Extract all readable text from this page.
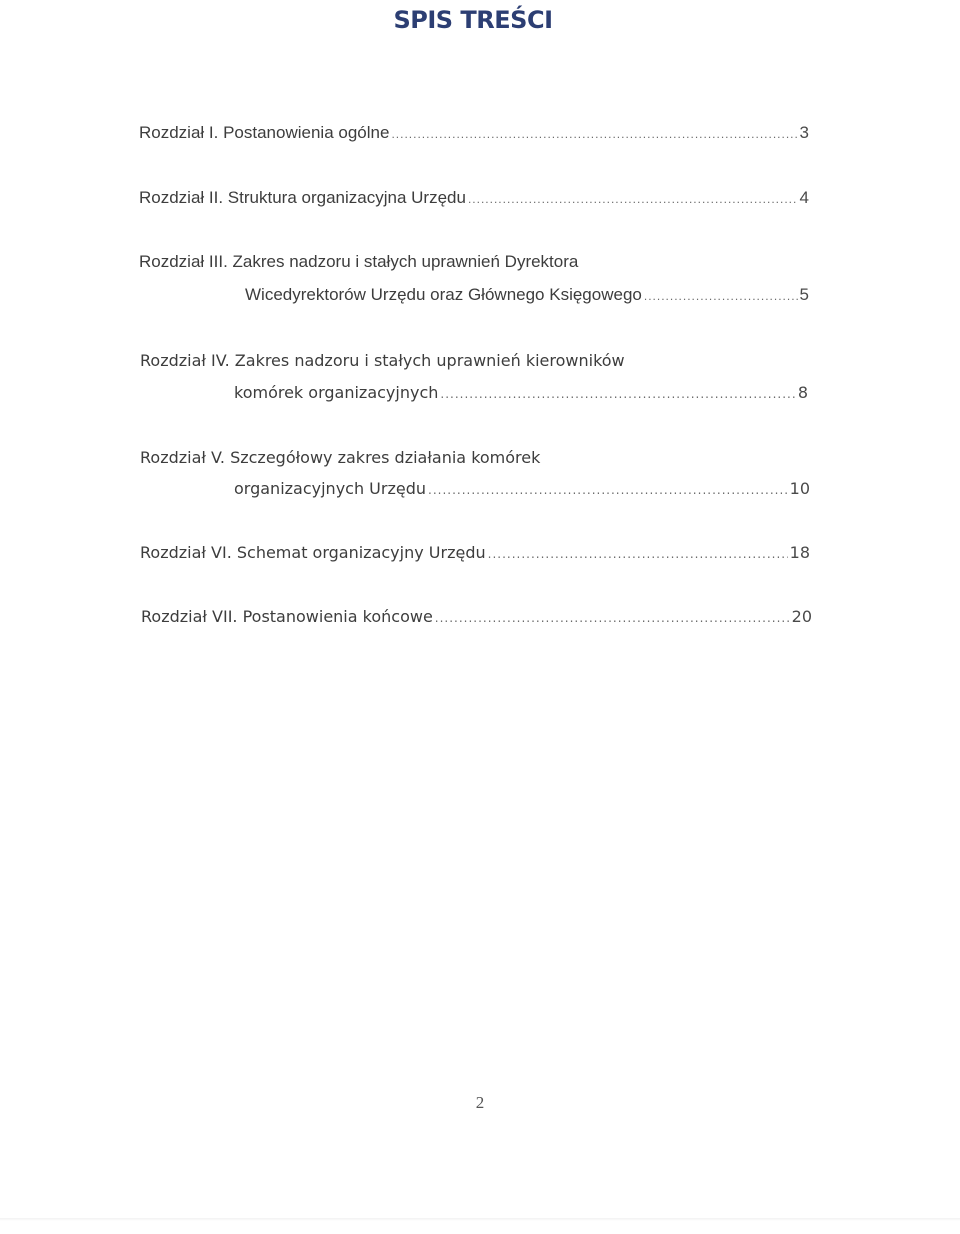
SPIS TREŚCI
Rozdział I. Postanowienia ogólne .....	3
Rozdział II. Struktura organizacyjna Urzędu .....	4
Rozdział III. Zakres nadzoru i stałych uprawnień Dyrektora
Wicedyrektorów Urzędu oraz Głównego Księgowego .....	5
Rozdział IV. Zakres nadzoru i stałych uprawnień kierowników
komórek organizacyjnych .....	8
Rozdział V. Szczegółowy zakres działania komórek
organizacyjnych Urzędu .....	10
Rozdział VI. Schemat organizacyjny Urzędu .....	18
Rozdział VII. Postanowienia końcowe .....	20
2
